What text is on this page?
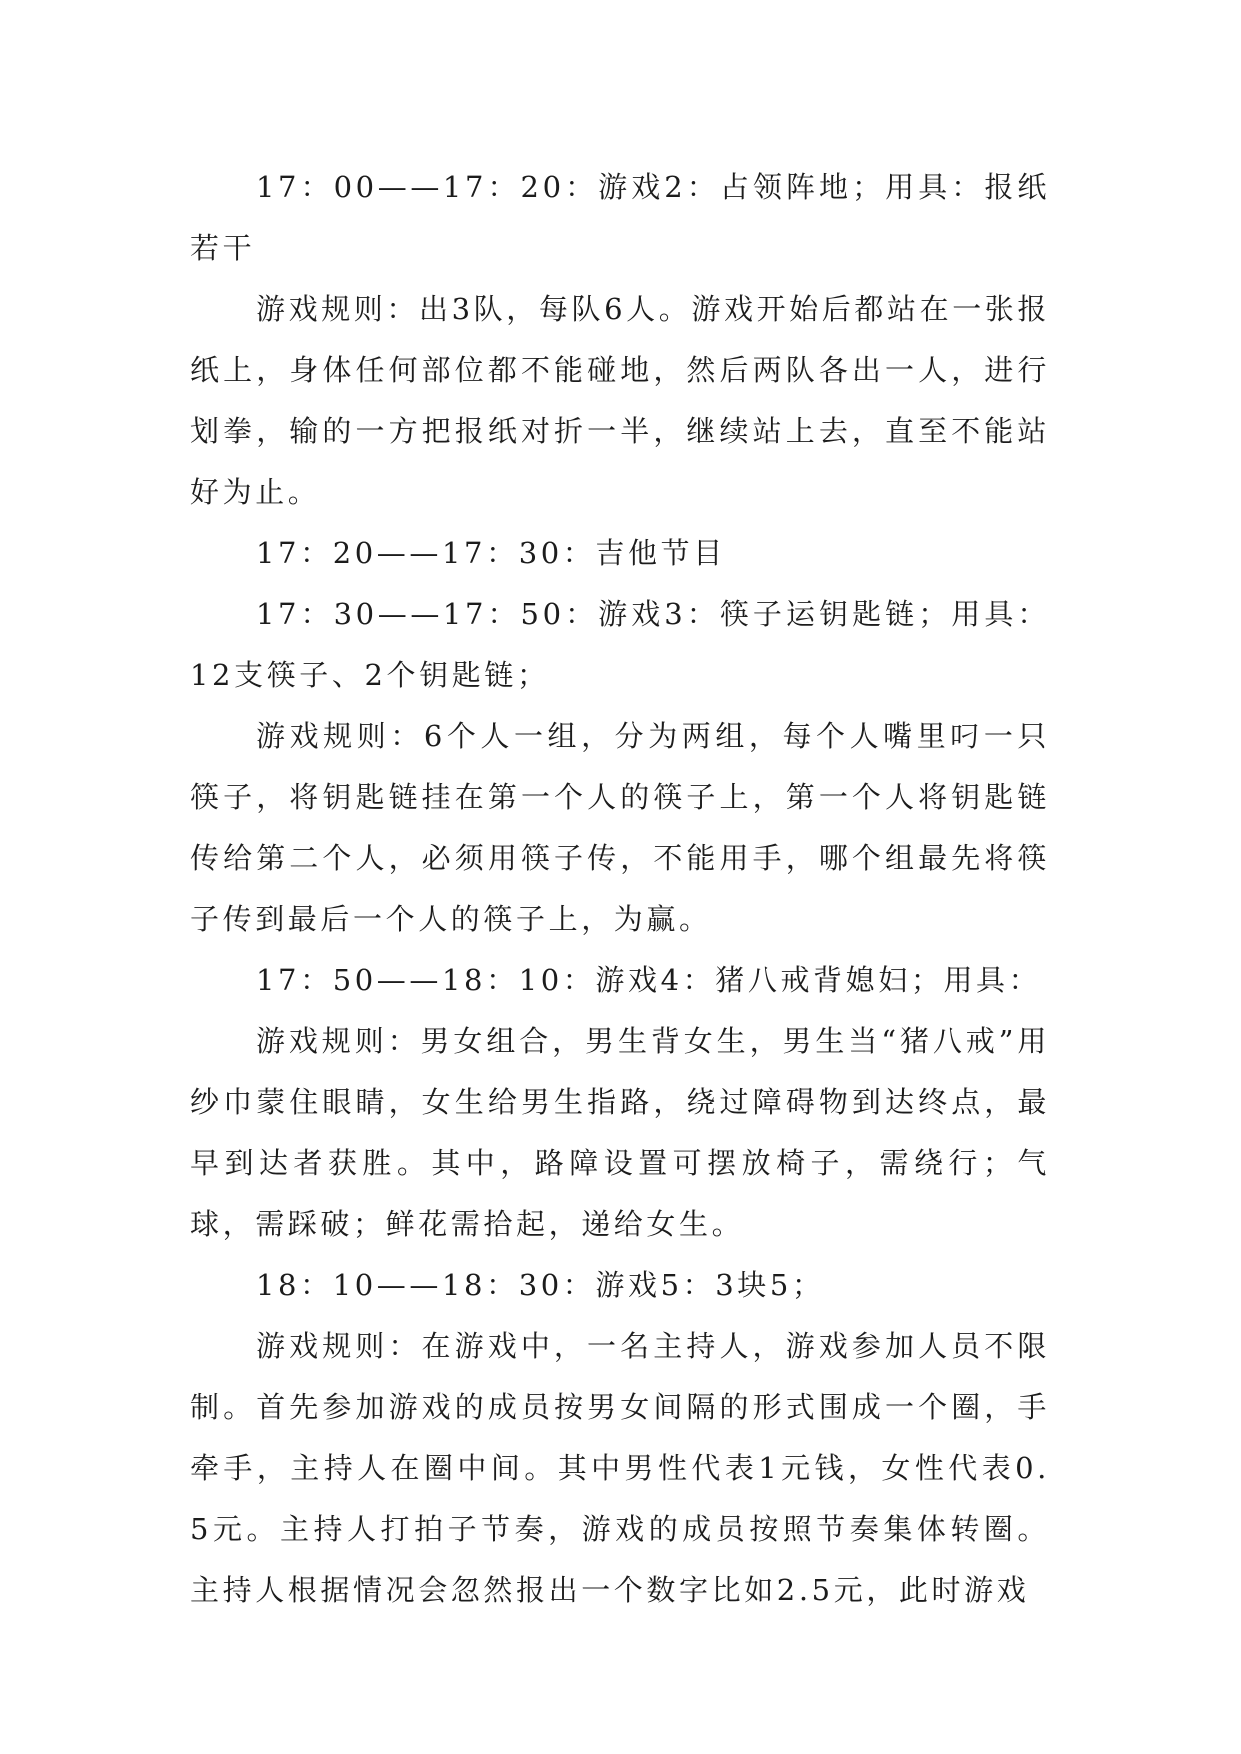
17：00——17：20：游戏2：占领阵地；用具：报纸若干

游戏规则：出3队，每队6人。游戏开始后都站在一张报纸上，身体任何部位都不能碰地，然后两队各出一人，进行划拳，输的一方把报纸对折一半，继续站上去，直至不能站好为止。

17：20——17：30：吉他节目

17：30——17：50：游戏3：筷子运钥匙链；用具：12支筷子、2个钥匙链；

游戏规则：6个人一组，分为两组，每个人嘴里叼一只筷子，将钥匙链挂在第一个人的筷子上，第一个人将钥匙链传给第二个人，必须用筷子传，不能用手，哪个组最先将筷子传到最后一个人的筷子上，为赢。

17：50——18：10：游戏4：猪八戒背媳妇；用具：

游戏规则：男女组合，男生背女生，男生当“猪八戒”用纱巾蒙住眼睛，女生给男生指路，绕过障碍物到达终点，最早到达者获胜。其中，路障设置可摆放椅子，需绕行；气球，需踩破；鲜花需拾起，递给女生。

18：10——18：30：游戏5：3块5；

游戏规则：在游戏中，一名主持人，游戏参加人员不限制。首先参加游戏的成员按男女间隔的形式围成一个圈，手牵手，主持人在圈中间。其中男性代表1元钱，女性代表0.5元。主持人打拍子节奏，游戏的成员按照节奏集体转圈。主持人根据情况会忽然报出一个数字比如2.5元，此时游戏
